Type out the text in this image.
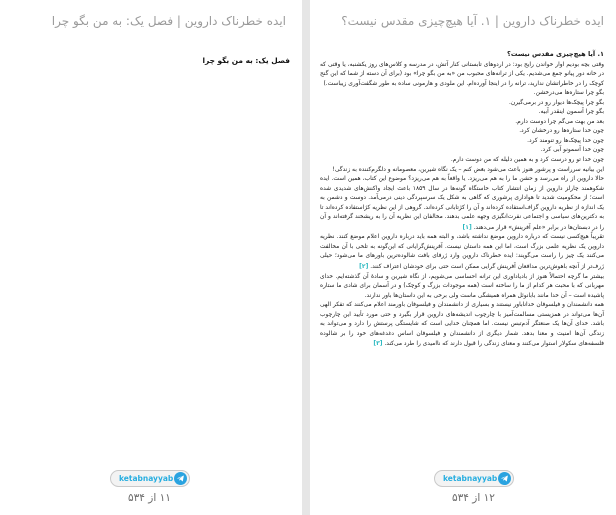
ایده خطرناک داروین | فصل یک: به من بگو چرا
فصل یک: به من بگو چرا
ketabnayyab
۱۱ از ۵۳۴
ایده خطرناک داروین | ۱. آیا هیچ‌چیزی مقدس نیست؟

۱. آیا هیچ‌چیزی مقدس نیست؟

وقتی بچه بودیم اوار خواندن رایج بود: در اردوهای تابستانی کنار آتش، در مدرسه و کلاس‌های روز یکشنبه، یا وقتی که در خانه دور پیانو جمع می‌شدیم. یکی از ترانه‌های محبوب من «به من بگو چرا» بود (برای آن دسته از شما که این گنج کوچک را در خاطراتشان ندارید، ترانه را در اینجا آورده‌ام. این ملودی و هارمونی ساده به طور شگفت‌آوری زیباست.)

بگو چرا ستاره‌ها می‌درخشن.

بگو چرا پیچک‌ها دیوار رو در برمی‌گیرن.

بگو چرا آسمون اینقدر آبیه.

بعد من بهت می‌گم چرا دوست دارم.

چون خدا ستاره‌ها رو درخشان کرد.

چون خدا پیچک‌ها رو تنومند کرد.

چون خدا آسمونو آبی کرد.

چون خدا تو رو درست کرد و به همین دلیله که من دوست دارم.

این بیانیه سرراست و پرشور هنوز باعث می‌شود بغض کنم – یک نگاه شیرین، معصومانه و دلگرم‌کننده به زندگی!

حالا داروین از راه می‌رسد و حشن ما را به هم می‌ریزد. یا واقعاً به هم می‌ریزد؟ موضوع این کتاب، همین است. ایده شکوهمند چارلز داروین از زمان انتشار کتاب خاستگاه گونه‌ها در سال ۱۸۵۹ باعث ایجاد واکنش‌های شدیدی شده است؛ از محکومیت شدید تا هواداری پرشوری که گاهی به شکل یک سرسپردگی دینی درمی‌آمد. دوست و دشمن به یک اندازه از نظریه داروین گزاف‌استفاده کرده‌اند و آن را کژتابانی کرده‌اند. گروهی از این نظریه کژاستفاده کرده‌اند تا به دکترین‌های سیاسی و اجتماعی نفرت‌انگیزی وجهه علمی بدهند. مخالفان این نظریه آن را به ریشخند گرفته‌اند و آن را در دبستان‌ها در برابر «علم آفرینش» قرار می‌دهند. [۱]

تقریباً هیچ‌کسی نیست که درباره داروین موضع نداشته باشد، و البته همه باید درباره داروین اعلام موضع کنند. نظریه داروین یک نظریه علمی بزرگ است، اما این همه داستان نیست. آفرینش‌گرایانی که این‌گونه به تلخی با آن مخالفت می‌کنند یک چیز را راست می‌گویند: ایده خطرناک داروین وارد ژرفای بافت شالوده‌ترین باورهای ما می‌شود؛ حیلی ژرف‌تر از آنچه باهوش‌ترین مدافعان آفرینش گرایی ممکن است حتی برای خودشان اعتراف کنند. [۲]

بیشتر ما گرچه احتمالاً هنوز از بادیاداوری این ترانه احساسی می‌شویم، از نگاه شیرین و سادهٔ آن گذشته‌ایم. خدای مهربانی که با محبت هر کدام از ما را ساخته است (همه موجودات بزرگ و کوچک) و در آسمان برای شادی ما ستاره پاشیده است – آن خدا مانند بابانوئل همراه همیشگی ماست ولی برخی به این داستان‌ها باور ندارند.

همه دانشمندان و فیلسوفان خداناباور نیستند و بسیاری از دانشمندان و فیلسوفان باورمند اعلام می‌کنند که تفکر الهی آن‌ها می‌تواند در همزیستی مسالمت‌آمیز با چارچوب اندیشه‌های داروین قرار بگیرد و حتی مورد تأیید این چارچوب باشد. خدای آن‌ها یک صنعتگر آدم‌تبس نیست. اما همچنان خدایی است که شایستگی پرستش را دارد و می‌تواند به زندگی آن‌ها امنیت و معنا بدهد. شمار دیگری از دانشمندان و فیلسوفان اساس دغدغه‌های خود را بر شالوده فلسفه‌های سکولار استوار می‌کنند و معنای زندگی را قبول دارند که ناامیدی را طرد می‌کند. [۳]

ketabnayyab
۱۲ از ۵۳۴
